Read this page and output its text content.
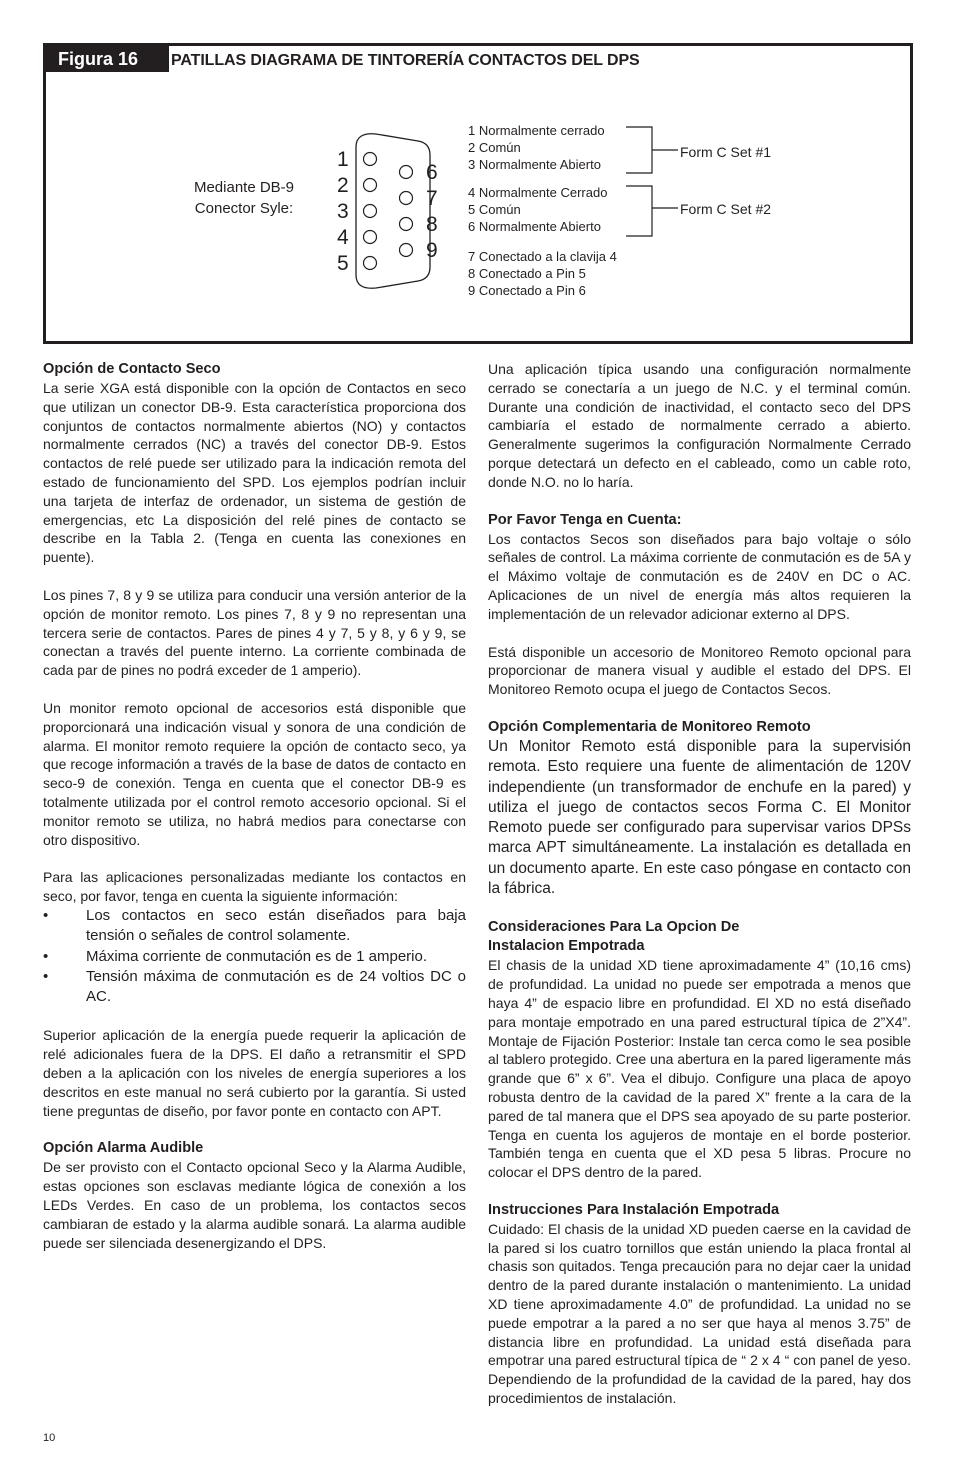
Figura 16	PATILLAS DIAGRAMA DE TINTORERÍA CONTACTOS DEL DPS
Mediante DB-9
Conector Syle:
1
2
3
4
5
6
7
8
9
1 Normalmente cerrado
2 Común
3 Normalmente Abierto
4 Normalmente Cerrado
5 Común
6 Normalmente Abierto
7 Conectado a la clavija 4
8 Conectado a Pin 5
9 Conectado a Pin 6
Form C Set #1
Form C Set #2
Opción de Contacto Seco

La serie XGA está disponible con la opción de Contactos en seco que utilizan un conector DB-9. Esta característica proporciona dos conjuntos de contactos normalmente abiertos (NO) y contactos normalmente cerrados (NC) a través del conector DB-9. Estos contactos de relé puede ser utilizado para la indicación remota del estado de funcionamiento del SPD. Los ejemplos podrían incluir una tarjeta de interfaz de ordenador, un sistema de gestión de emergencias, etc La disposición del relé pines de contacto se describe en la Tabla 2. (Tenga en cuenta las conexiones en puente).

Los pines 7, 8 y 9 se utiliza para conducir una versión anterior de la opción de monitor remoto. Los pines 7, 8 y 9 no representan una tercera serie de contactos. Pares de pines 4 y 7, 5 y 8, y 6 y 9, se conectan a través del puente interno. La corriente combinada de cada par de pines no podrá exceder de 1 amperio).

Un monitor remoto opcional de accesorios está disponible que proporcionará una indicación visual y sonora de una condición de alarma. El monitor remoto requiere la opción de contacto seco, ya que recoge información a través de la base de datos de contacto en seco-9 de conexión. Tenga en cuenta que el conector DB-9 es totalmente utilizada por el control remoto accesorio opcional. Si el monitor remoto se utiliza, no habrá medios para conectarse con otro dispositivo.

Para las aplicaciones personalizadas mediante los contactos en seco, por favor, tenga en cuenta la siguiente información:

• Los contactos en seco están diseñados para baja tensión o señales de control solamente.
• Máxima corriente de conmutación es de 1 amperio.
• Tensión máxima de conmutación es de 24 voltios DC o AC.

Superior aplicación de la energía puede requerir la aplicación de relé adicionales fuera de la DPS. El daño a retransmitir el SPD deben a la aplicación con los niveles de energía superiores a los descritos en este manual no será cubierto por la garantía. Si usted tiene preguntas de diseño, por favor ponte en contacto con APT.

Opción Alarma Audible

De ser provisto con el Contacto opcional Seco y la Alarma Audible, estas opciones son esclavas mediante lógica de conexión a los LEDs Verdes. En caso de un problema, los contactos secos cambiaran de estado y la alarma audible sonará. La alarma audible puede ser silenciada desenergizando el DPS.

Una aplicación típica usando una configuración normalmente cerrado se conectaría a un juego de N.C. y el terminal común. Durante una condición de inactividad, el contacto seco del DPS cambiaría el estado de normalmente cerrado a abierto. Generalmente sugerimos la configuración Normalmente Cerrado porque detectará un defecto en el cableado, como un cable roto, donde N.O. no lo haría.

Por Favor Tenga en Cuenta:

Los contactos Secos son diseñados para bajo voltaje o sólo señales de control. La máxima corriente de conmutación es de 5A y el Máximo voltaje de conmutación es de 240V en DC o AC. Aplicaciones de un nivel de energía más altos requieren la implementación de un relevador adicionar externo al DPS.

Está disponible un accesorio de Monitoreo Remoto opcional para proporcionar de manera visual y audible el estado del DPS. El Monitoreo Remoto ocupa el juego de Contactos Secos.

Opción Complementaria de Monitoreo Remoto

Un Monitor Remoto está disponible para la supervisión remota. Esto requiere una fuente de alimentación de 120V independiente (un transformador de enchufe en la pared) y utiliza el juego de contactos secos Forma C. El Monitor Remoto puede ser configurado para supervisar varios DPSs marca APT simultáneamente. La instalación es detallada en un documento aparte. En este caso póngase en contacto con la fábrica.

Consideraciones Para La Opcion De
Instalacion Empotrada

El chasis de la unidad XD tiene aproximadamente 4” (10,16 cms) de profundidad. La unidad no puede ser empotrada a menos que haya 4” de espacio libre en profundidad. El XD no está diseñado para montaje empotrado en una pared estructural típica de 2”X4”. Montaje de Fijación Posterior: Instale tan cerca como le sea posible al tablero protegido. Cree una abertura en la pared ligeramente más grande que 6” x 6”. Vea el dibujo. Configure una placa de apoyo robusta dentro de la cavidad de la pared X” frente a la cara de la pared de tal manera que el DPS sea apoyado de su parte posterior. Tenga en cuenta los agujeros de montaje en el borde posterior. También tenga en cuenta que el XD pesa 5 libras. Procure no colocar el DPS dentro de la pared.

Instrucciones Para Instalación Empotrada

Cuidado: El chasis de la unidad XD pueden caerse en la cavidad de la pared si los cuatro tornillos que están uniendo la placa frontal al chasis son quitados. Tenga precaución para no dejar caer la unidad dentro de la pared durante instalación o mantenimiento. La unidad XD tiene aproximadamente 4.0” de profundidad. La unidad no se puede empotrar a la pared a no ser que haya al menos 3.75” de distancia libre en profundidad. La unidad está diseñada para empotrar una pared estructural típica de “ 2 x 4 “ con panel de yeso. Dependiendo de la profundidad de la cavidad de la pared, hay dos procedimientos de instalación.

10
